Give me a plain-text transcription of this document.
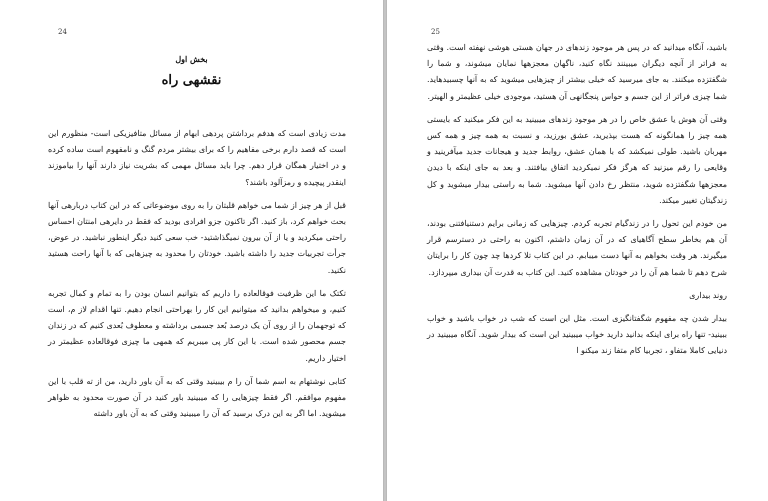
24
بخش اول
نقشهی راه

مدت زیادی است که هدفم برداشتن پردهی ابهام از مسائل متافیزیکی است- منظورم این است که قصد دارم برخی مفاهیم را که برای بیشتر مردم گنگ و نامفهوم است ساده کرده و در اختیار همگان قرار دهم. چرا باید مسائل مهمی که بشریت نیاز دارند آنها را بیاموزند اینقدر پیچیده و رمزآلود باشند؟

قبل از هر چیز از شما می خواهم قلبتان را به روی موضوعاتی که در این کتاب دربارهی آنها بحث خواهم کرد، باز کنید. اگر تاکنون جزو افرادی بودید که فقط در دایرهی امنتان احساس راحتی میکردید و یا از آن بیرون نمیگذاشتید- خب سعی کنید دیگر اینطور نباشید. در عوض، جرأت تجربیات جدید را داشته باشید. خودتان را محدود به چیزهایی که با آنها راحت هستید نکنید.

تکتک ما این ظرفیت فوقالعاده را داریم که بتوانیم انسان بودن را به تمام و کمال تجربه کنیم، و میخواهم بدانید که میتوانیم این کار را بهراحتی انجام دهیم. تنها اقدام لاز م، است که توجهمان را از روی آن یک درصد بُعد جسمی برداشته و معطوف بُعدی کنیم که در زندان جسم محصور شده است. با این کار پی میبریم که همهی ما چیزی فوقالعاده عظیمتر در اختیار داریم.

کتابی نوشتهام به اسم شما آن را م بیبینید وقتی که به آن باور دارید، من از ته قلب با این مفهوم موافقم. اگر فقط چیزهایی را که میبینید باور کنید در آن صورت محدود به ظواهر میشوید. اما اگر به این درک برسید که آن را میبینید وقتی که به آن باور داشته

25

باشید، آنگاه میدانید که در پس هر موجود زندهای در جهان هستی هوشی نهفته است. وقتی به فراتر از آنچه دیگران میبینند نگاه کنید، ناگهان معجزهها نمایان میشوند، و شما را شگفتزده میکنند. به جای میرسید که خیلی بیشتر از چیزهایی میشوید که به آنها چسبیدهاید. شما چیزی فراتر از این جسم و حواس پنجگانهی آن هستید، موجودی خیلی عظیمتر و الهیتر.

وقتی آن هوش یا عشق خاص را در هر موجود زندهای میبینید به این فکر میکنید که بایستی همه چیز را همانگونه که هست بپذیرید، عشق بورزید، و نسبت به همه چیز و همه کس مهربان باشید. طولی نمیکشد که با همان عشق، روابط جدید و هیجانات جدید میآفرینید و وقایعی را رقم میزنید که هرگز فکر نمیکردید اتفاق بیافتند. و بعد به جای اینکه با دیدن معجزهها شگفتزده شوید، منتظر رخ دادن آنها میشوید. شما به راستی بیدار میشوید و کل زندگیتان تغییر میکند.

من خودم این تحول را در زندگیام تجربه کردم. چیزهایی که زمانی برایم دستنیافتنی بودند، آن هم بخاطر سطح آگاهیای که در آن زمان داشتم، اکنون به راحتی در دسترسم قرار میگیرند. هر وقت بخواهم به آنها دست میبابم. در این کتاب تلا کردها چد چون کار را برایتان شرح دهم تا شما هم آن را در خودتان مشاهده کنید. این کتاب به قدرت آن بیداری میپردازد.

روند بیداری

بیدار شدن چه مفهوم شگفتانگیزی است. مثل این است که شب در خواب باشید و خواب ببینید- تنها راه برای اینکه بدانید دارید خواب میبینید این است که بیدار شوید. آنگاه میبینید در دنیایی کاملا متفاو ، تجربیا کام متفا زند میکنو ا
